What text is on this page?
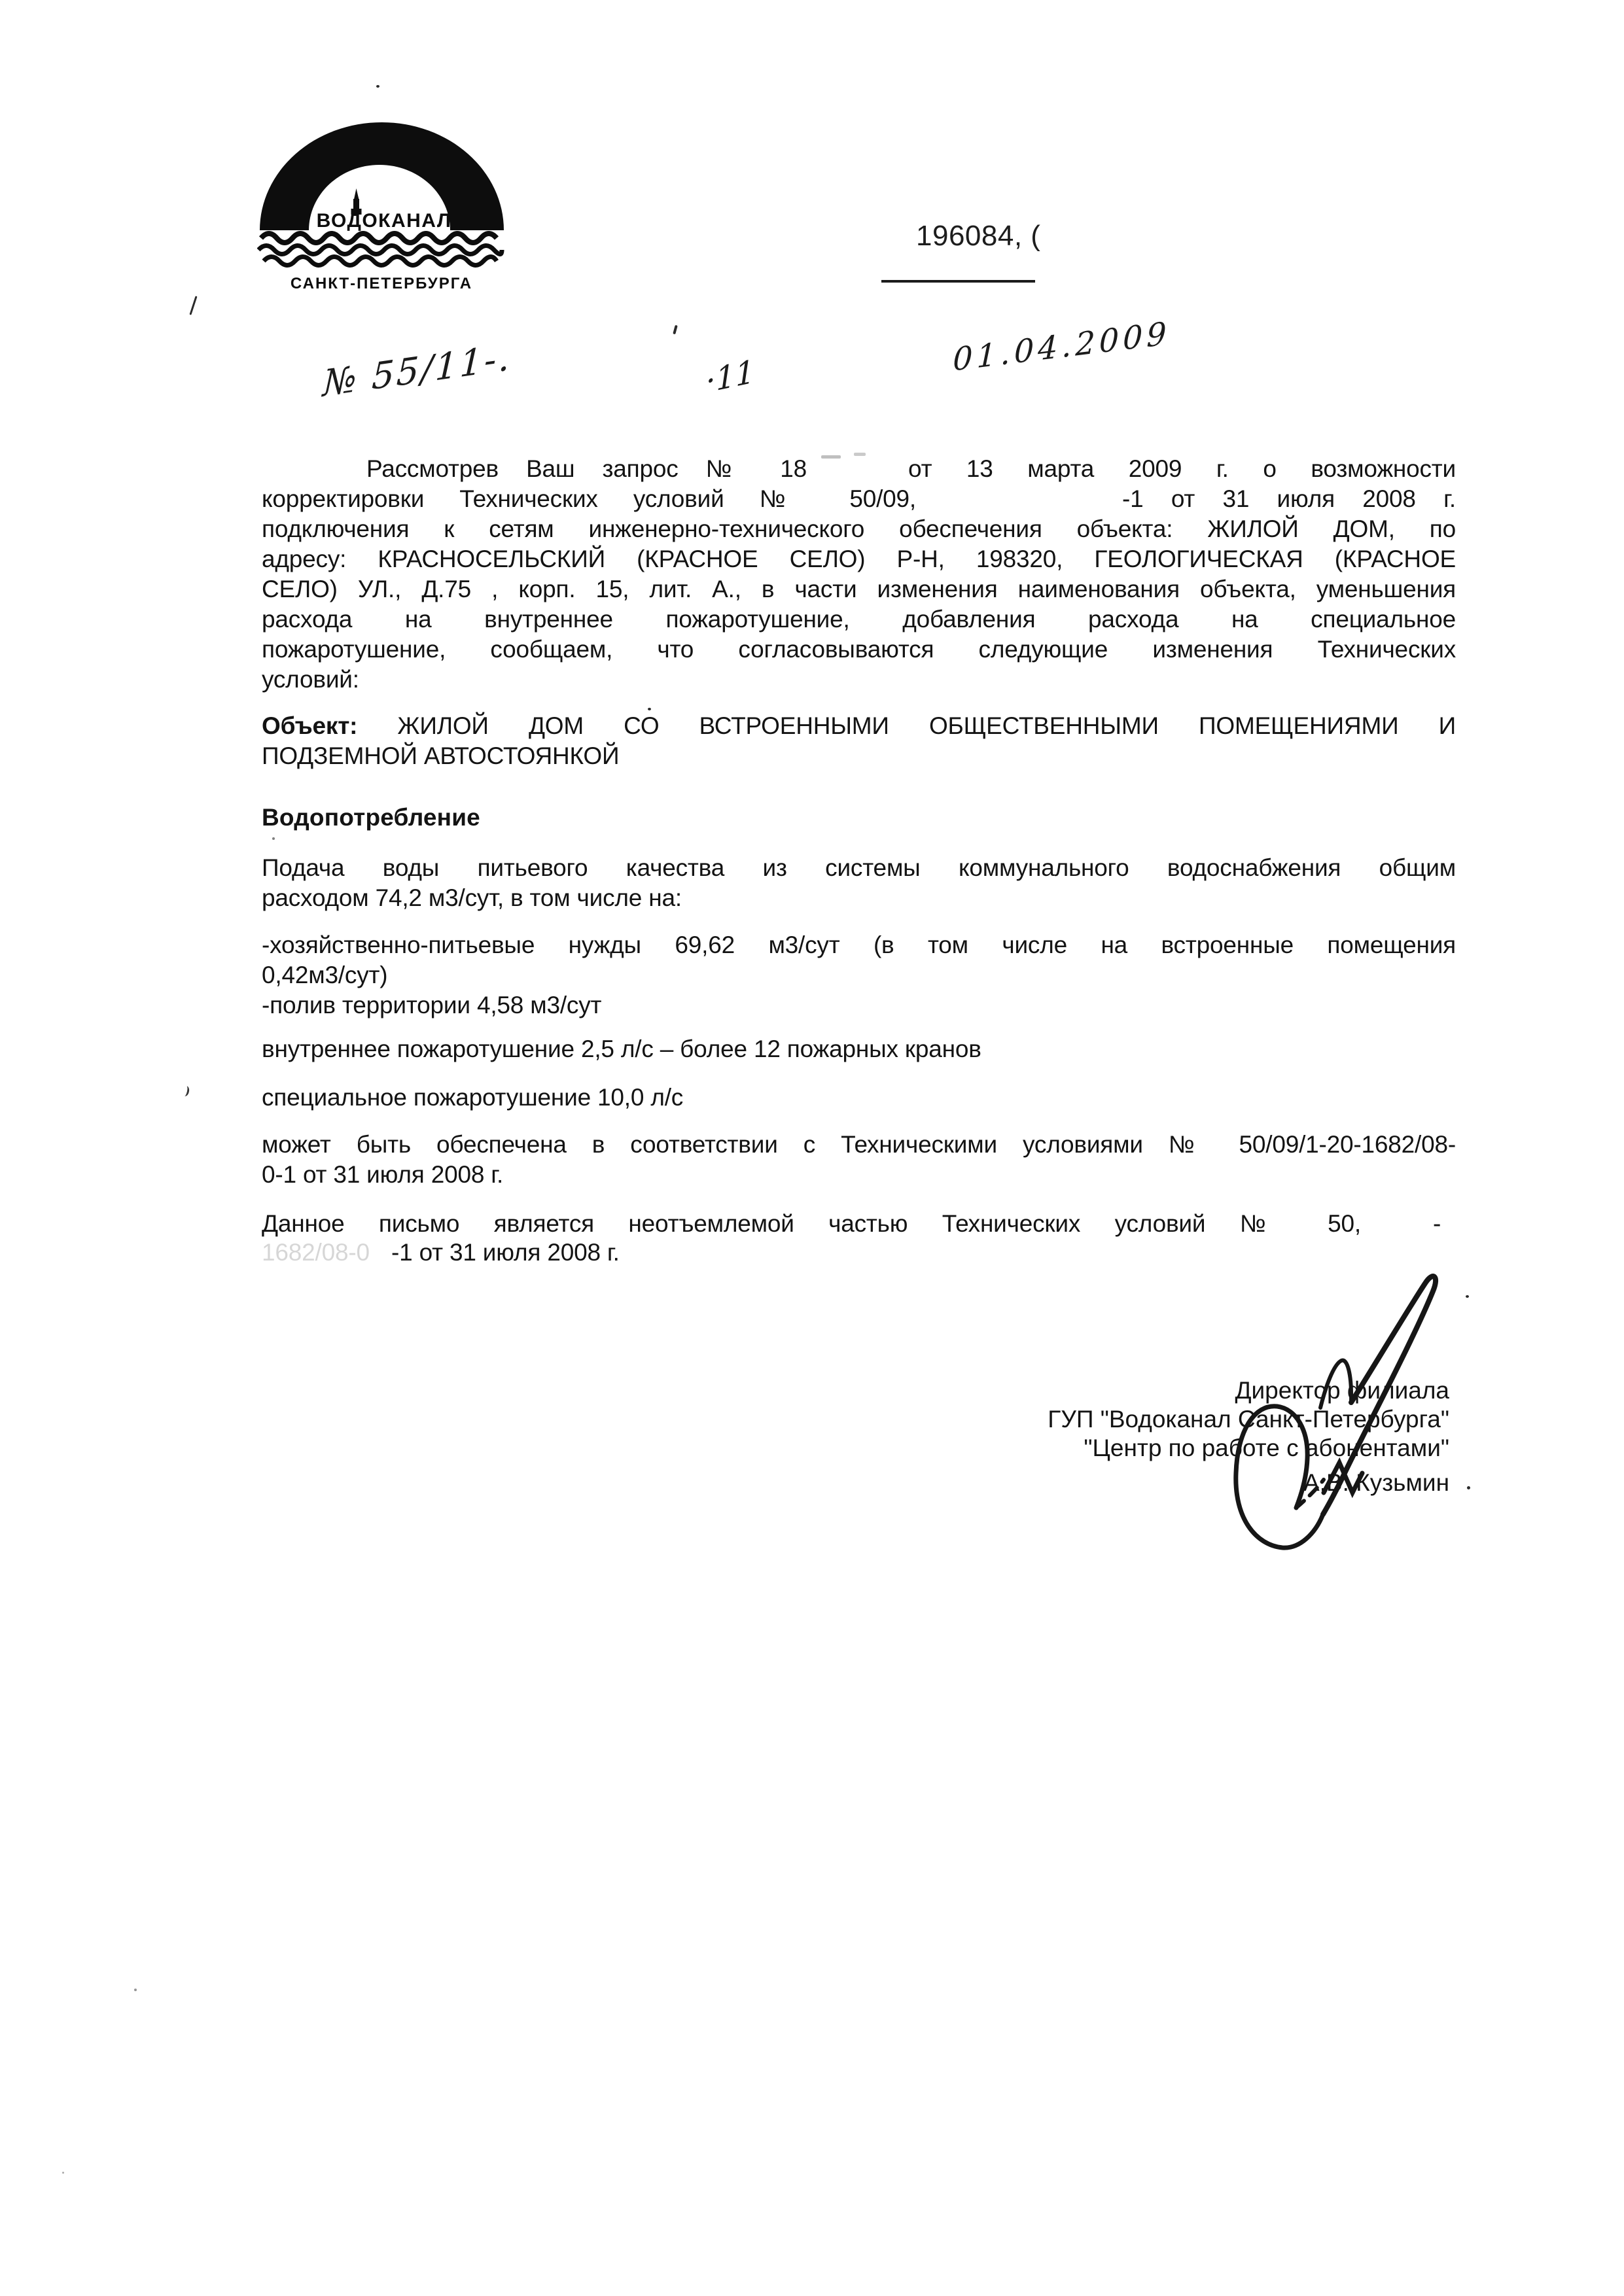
ВОДОКАНАЛ
САНКТ-ПЕТЕРБУРГА
196084, (
№ 55/11-.	·11	01.04.2009
Рассмотрев Ваш запрос № 18	от 13 марта 2009 г. о возможности
корректировки Технических условий № 50/09,	-1 от 31 июля 2008 г.
подключения к сетям инженерно-технического обеспечения объекта: ЖИЛОЙ ДОМ, по
адресу: КРАСНОСЕЛЬСКИЙ (КРАСНОЕ СЕЛО) Р-Н, 198320, ГЕОЛОГИЧЕСКАЯ (КРАСНОЕ
СЕЛО) УЛ., Д.75 , корп. 15, лит. А., в части изменения наименования объекта, уменьшения
расхода на внутреннее пожаротушение, добавления расхода на специальное
пожаротушение, сообщаем, что согласовываются следующие изменения Технических
условий:
Объект: ЖИЛОЙ ДОМ СО ВСТРОЕННЫМИ ОБЩЕСТВЕННЫМИ ПОМЕЩЕНИЯМИ И
ПОДЗЕМНОЙ АВТОСТОЯНКОЙ
Водопотребление
Подача воды питьевого качества из системы коммунального водоснабжения общим
расходом 74,2 м3/сут, в том числе на:
-хозяйственно-питьевые нужды 69,62 м3/сут (в том числе на встроенные помещения
0,42м3/сут)
-полив территории 4,58 м3/сут
внутреннее пожаротушение 2,5 л/с – более 12 пожарных кранов
специальное пожаротушение 10,0 л/с
может быть обеспечена в соответствии с Техническими условиями № 50/09/1-20-1682/08-
0-1 от 31 июля 2008 г.
Данное письмо является неотъемлемой частью Технических условий № 50,	-
1682/08-0 -1 от 31 июля 2008 г.
Директор филиала
ГУП "Водоканал Санкт-Петербурга"
"Центр по работе с абонентами"
А.В. Кузьмин
